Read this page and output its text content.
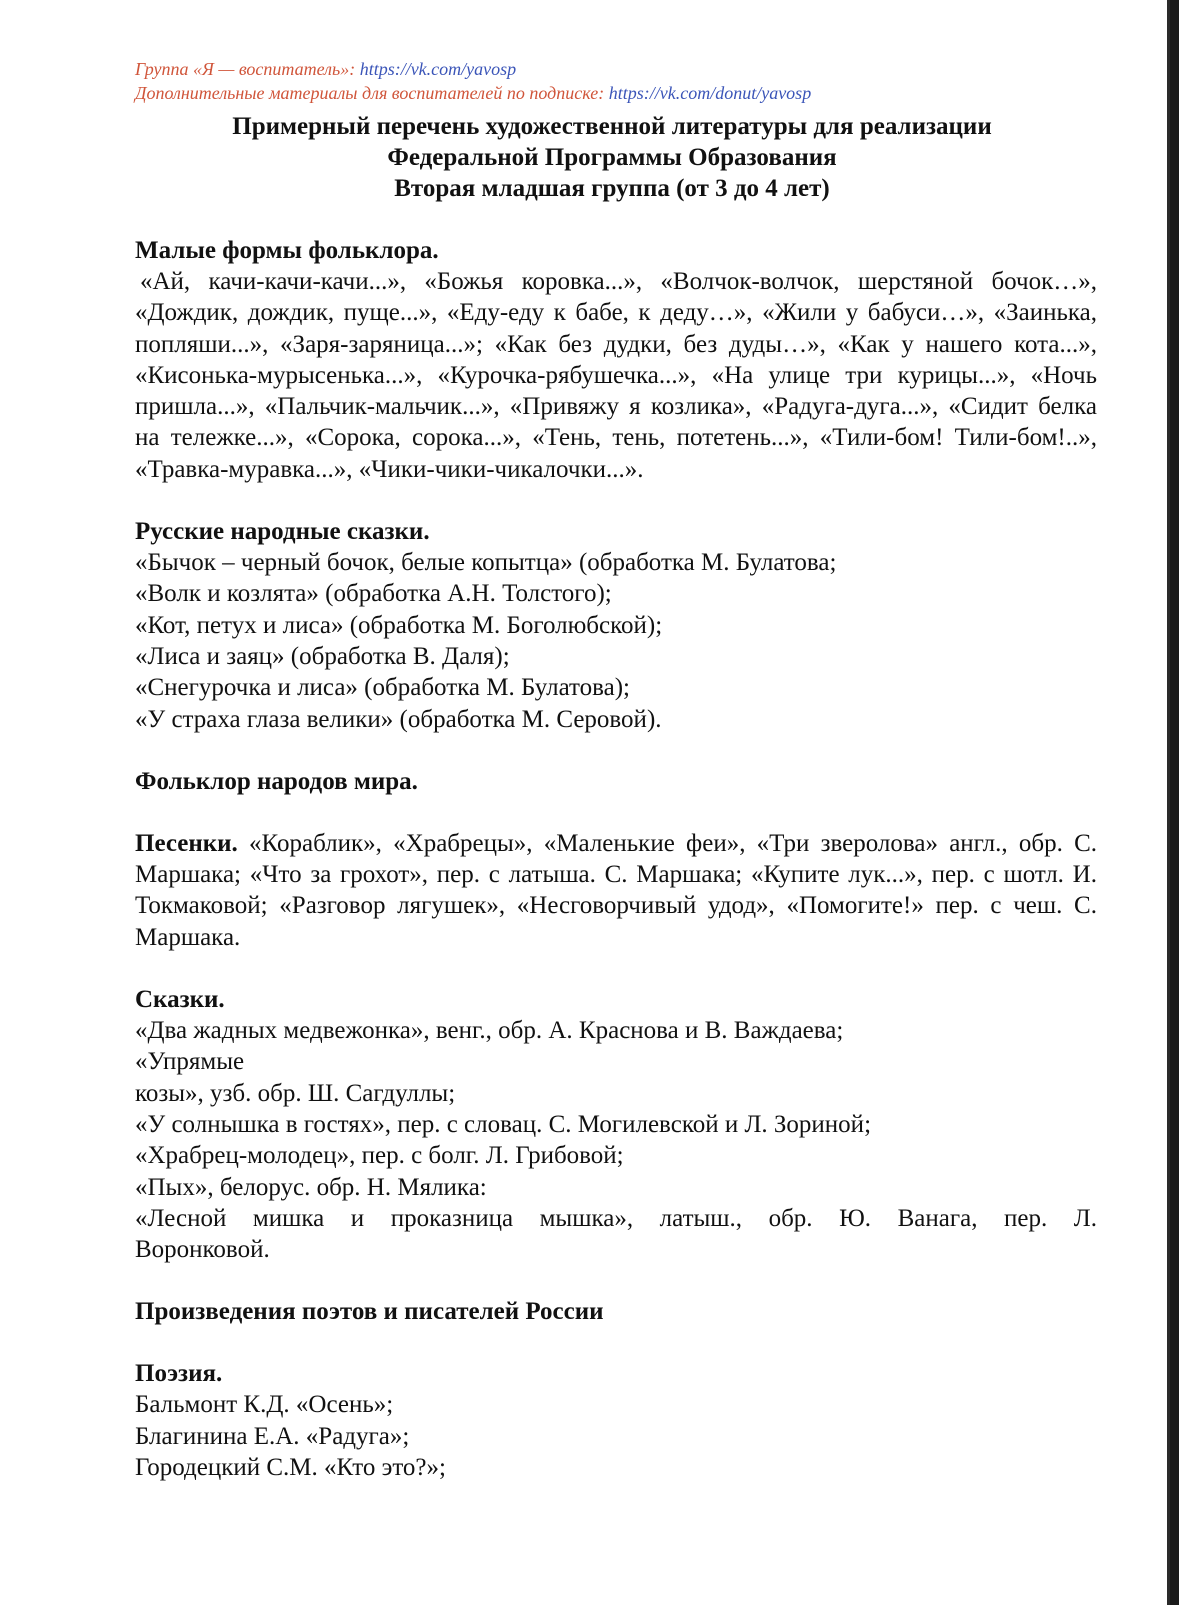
Группа «Я — воспитатель»: https://vk.com/yavosp
Дополнительные материалы для воспитателей по подписке: https://vk.com/donut/yavosp
Примерный перечень художественной литературы для реализации
Федеральной Программы Образования
Вторая младшая группа (от 3 до 4 лет)
Малые формы фольклора.
«Ай, качи-качи-качи...», «Божья коровка...», «Волчок-волчок, шерстяной бочок…», «Дождик, дождик, пуще...», «Еду-еду к бабе, к деду…», «Жили у бабуси…», «Заинька, попляши...», «Заря-заряница...»; «Как без дудки, без дуды…», «Как у нашего кота...», «Кисонька-мурысенька...», «Курочка-рябушечка...», «На улице три курицы...», «Ночь пришла...», «Пальчик-мальчик...», «Привяжу я козлика», «Радуга-дуга...», «Сидит белка на тележке...», «Сорока, сорока...», «Тень, тень, потетень...», «Тили-бом! Тили-бом!..», «Травка-муравка...», «Чики-чики-чикалочки...».
Русские народные сказки.
«Бычок – черный бочок, белые копытца» (обработка М. Булатова;
«Волк и козлята» (обработка А.Н. Толстого);
«Кот, петух и лиса» (обработка М. Боголюбской);
«Лиса и заяц» (обработка В. Даля);
«Снегурочка и лиса» (обработка М. Булатова);
«У страха глаза велики» (обработка М. Серовой).
Фольклор народов мира.
Песенки. «Кораблик», «Храбрецы», «Маленькие феи», «Три зверолова» англ., обр. С. Маршака; «Что за грохот», пер. с латыша. С. Маршака; «Купите лук...», пер. с шотл. И. Токмаковой; «Разговор лягушек», «Несговорчивый удод», «Помогите!» пер. с чеш. С. Маршака.
Сказки.
«Два жадных медвежонка», венг., обр. А. Краснова и В. Важдаева;
«Упрямые
козы», узб. обр. Ш. Сагдуллы;
«У солнышка в гостях», пер. с словац. С. Могилевской и Л. Зориной;
«Храбрец-молодец», пер. с болг. Л. Грибовой;
«Пых», белорус. обр. Н. Мялика:
«Лесной мишка и проказница мышка», латыш., обр. Ю. Ванага, пер. Л.
Воронковой.
Произведения поэтов и писателей России
Поэзия.
Бальмонт К.Д. «Осень»;
Благинина Е.А. «Радуга»;
Городецкий С.М. «Кто это?»;
